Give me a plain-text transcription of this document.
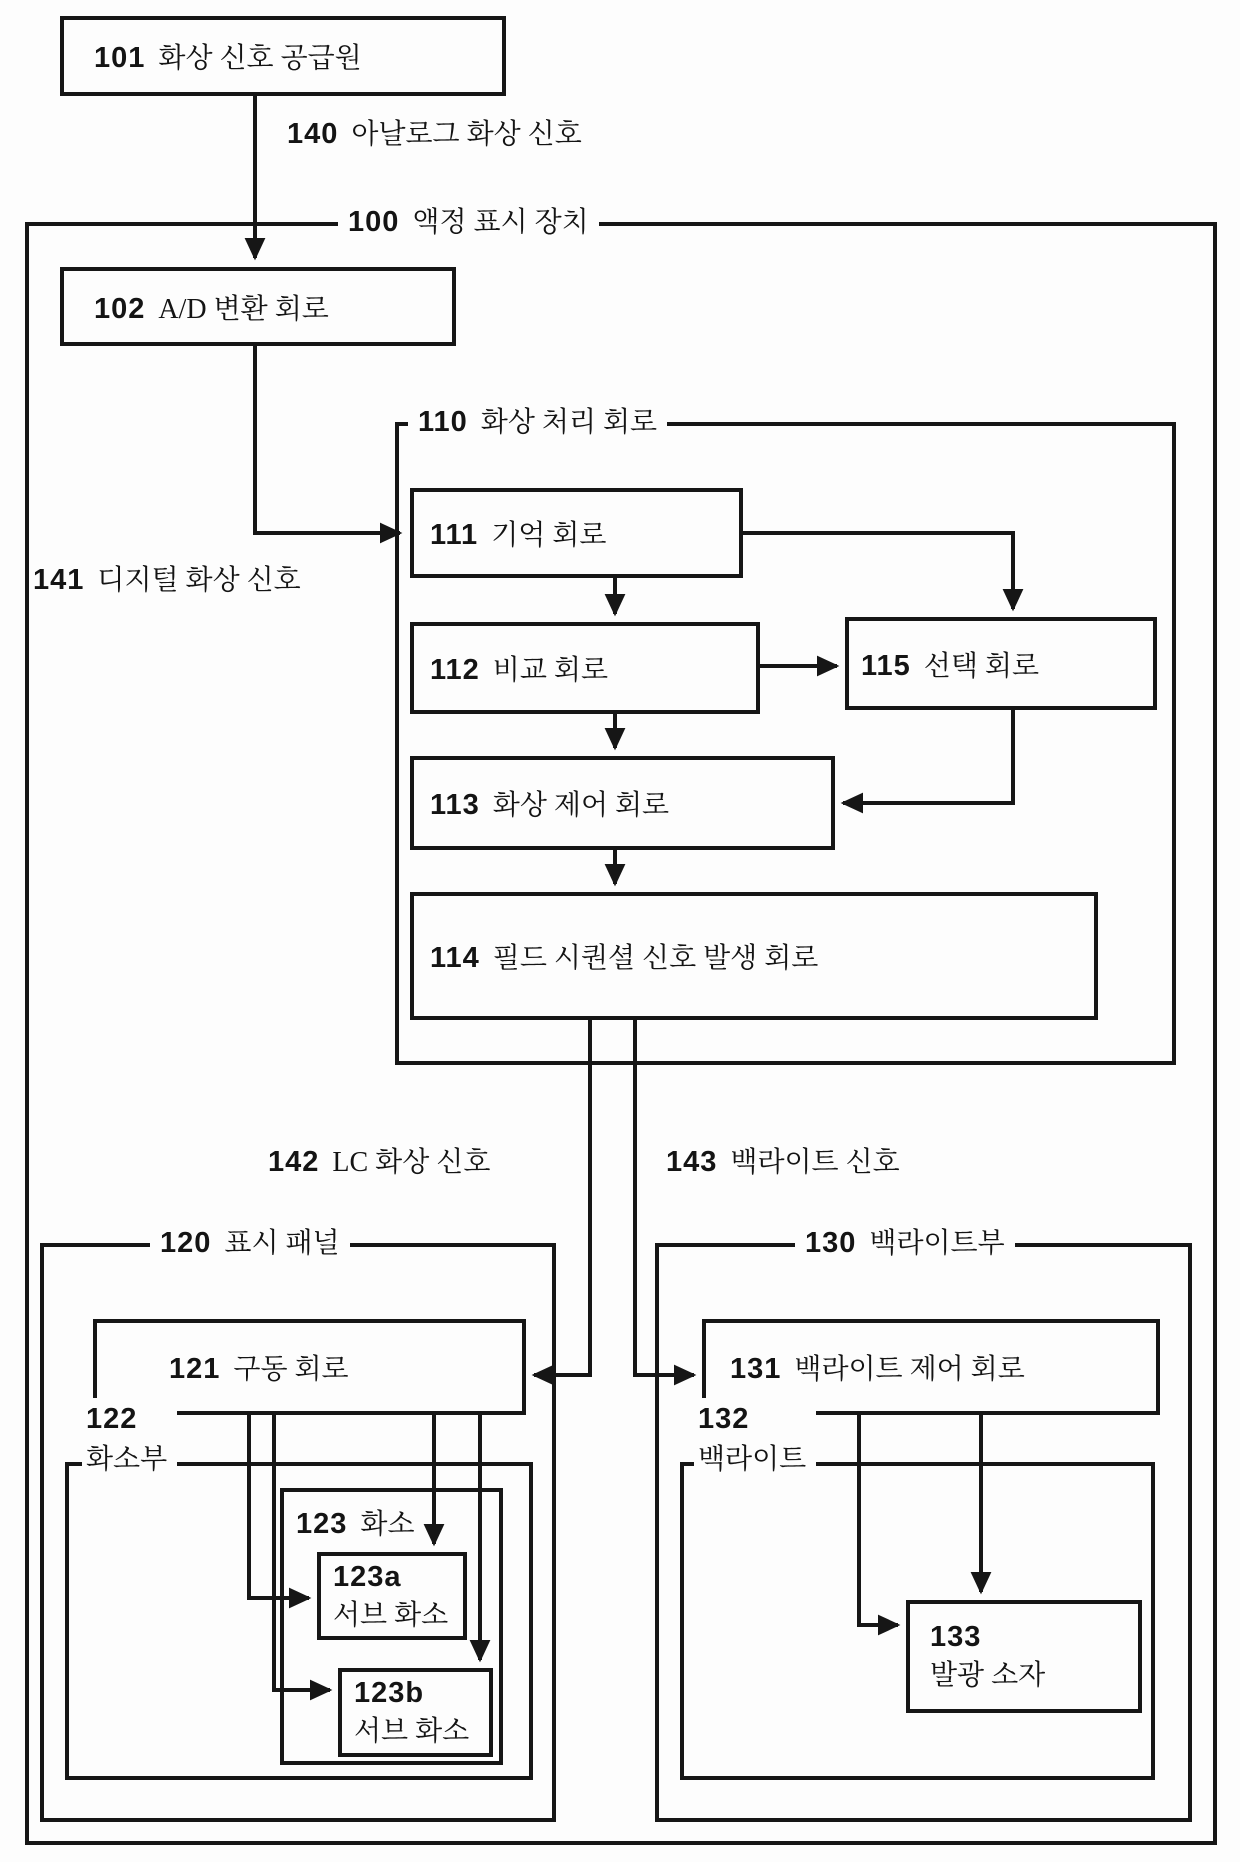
101 화상 신호 공급원
102 A/D 변환 회로
111 기억 회로
112 비교 회로	115 선택 회로
113 화상 제어 회로
114 필드 시퀀셜 신호 발생 회로
121 구동 회로
123 화소
123a
서브 화소
123b
서브 화소
131 백라이트 제어 회로
133
발광 소자
100 액정 표시 장치
110 화상 처리 회로
120 표시 패널	130 백라이트부
122
화소부
132
백라이트
140 아날로그 화상 신호
141 디지털 화상 신호
142 LC 화상 신호	143 백라이트 신호
